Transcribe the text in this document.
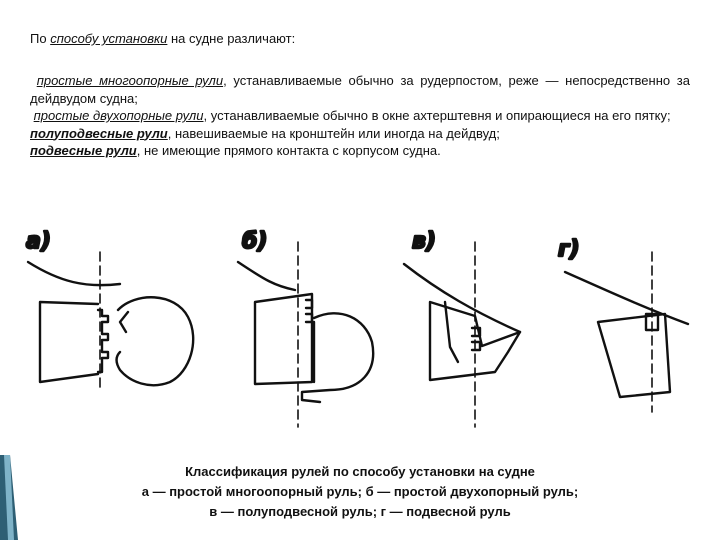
По способу установки на судне различают:

простые многоопорные рули, устанавливаемые обычно за рудерпостом, реже — непосредственно за дейдвудом судна;

простые двухопорные рули, устанавливаемые обычно в окне ахтерштевня и опирающиеся на его пятку;

полуподвесные рули, навешиваемые на кронштейн или иногда на дейдвуд;

подвесные рули, не имеющие прямого контакта с корпусом судна.

а)	б)	в)	г)

Классификация рулей по способу установки на судне

а — простой многоопорный руль; б — простой двухопорный руль;

в — полуподвесной руль; г — подвесной руль
